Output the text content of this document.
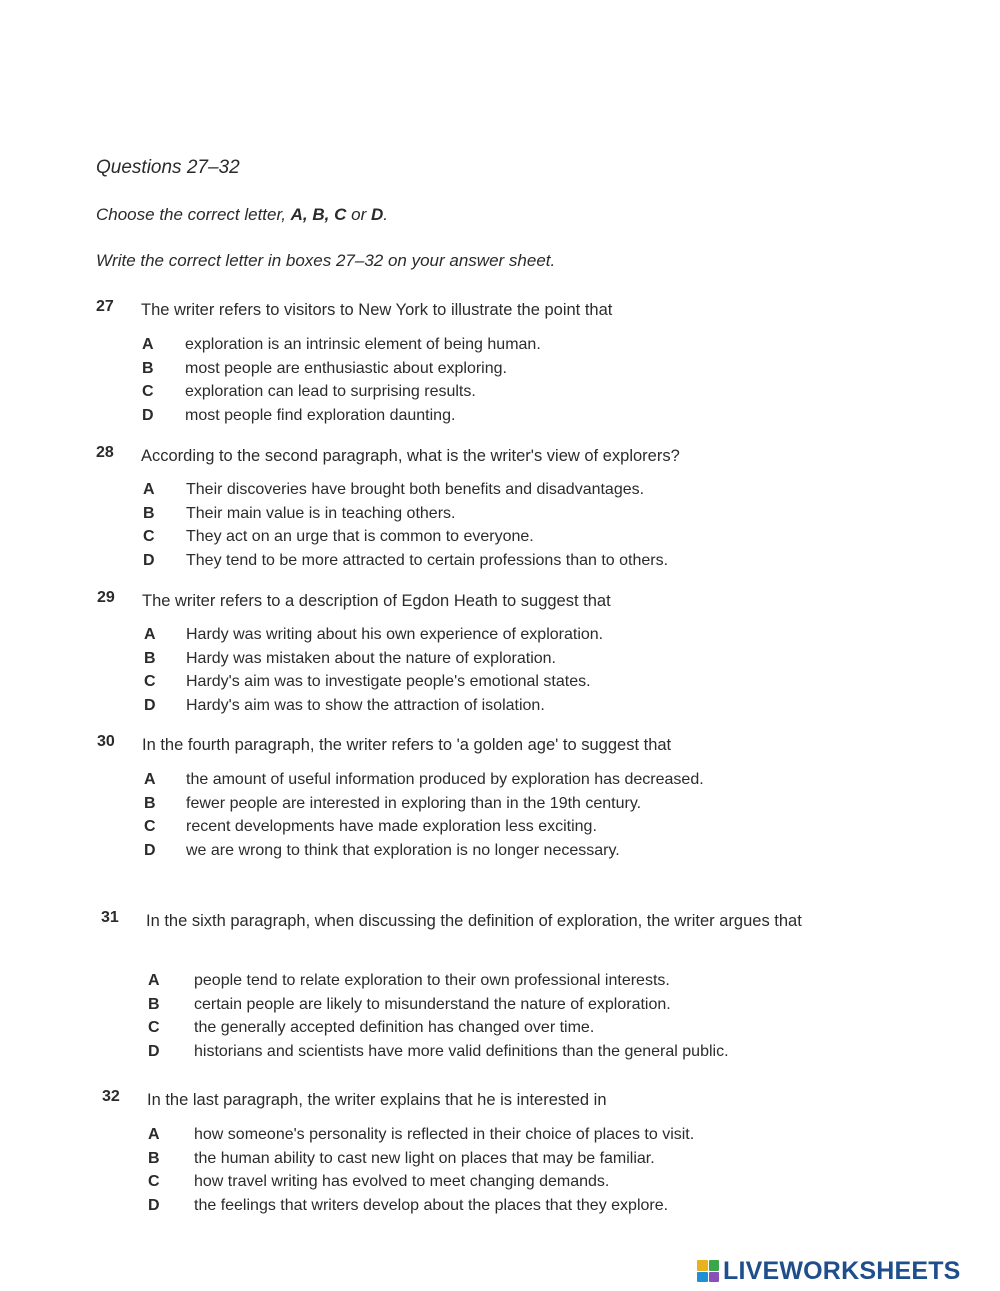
Questions 27–32
Choose the correct letter, A, B, C or D.
Write the correct letter in boxes 27–32 on your answer sheet.
27 The writer refers to visitors to New York to illustrate the point that
A exploration is an intrinsic element of being human.
B most people are enthusiastic about exploring.
C exploration can lead to surprising results.
D most people find exploration daunting.
28 According to the second paragraph, what is the writer's view of explorers?
A Their discoveries have brought both benefits and disadvantages.
B Their main value is in teaching others.
C They act on an urge that is common to everyone.
D They tend to be more attracted to certain professions than to others.
29 The writer refers to a description of Egdon Heath to suggest that
A Hardy was writing about his own experience of exploration.
B Hardy was mistaken about the nature of exploration.
C Hardy's aim was to investigate people's emotional states.
D Hardy's aim was to show the attraction of isolation.
30 In the fourth paragraph, the writer refers to 'a golden age' to suggest that
A the amount of useful information produced by exploration has decreased.
B fewer people are interested in exploring than in the 19th century.
C recent developments have made exploration less exciting.
D we are wrong to think that exploration is no longer necessary.
31 In the sixth paragraph, when discussing the definition of exploration, the writer argues that
A people tend to relate exploration to their own professional interests.
B certain people are likely to misunderstand the nature of exploration.
C the generally accepted definition has changed over time.
D historians and scientists have more valid definitions than the general public.
32 In the last paragraph, the writer explains that he is interested in
A how someone's personality is reflected in their choice of places to visit.
B the human ability to cast new light on places that may be familiar.
C how travel writing has evolved to meet changing demands.
D the feelings that writers develop about the places that they explore.
LIVEWORKSHEETS
